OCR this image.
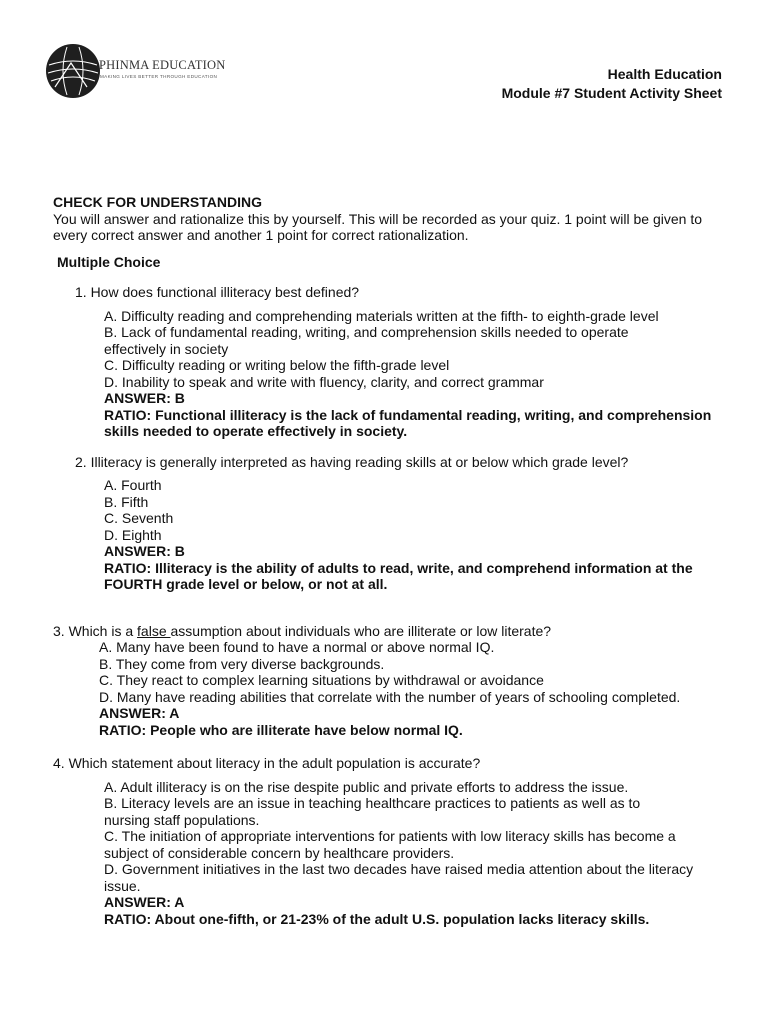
PHINMA EDUCATION
MAKING LIVES BETTER THROUGH EDUCATION	Health Education
Module #7 Student Activity Sheet
CHECK FOR UNDERSTANDING

You will answer and rationalize this by yourself. This will be recorded as your quiz. 1 point will be given to every correct answer and another 1 point for correct rationalization.

Multiple Choice

1. How does functional illiteracy best defined?

A. Difficulty reading and comprehending materials written at the fifth- to eighth-grade level

B. Lack of fundamental reading, writing, and comprehension skills needed to operate effectively in society

C. Difficulty reading or writing below the fifth-grade level

D. Inability to speak and write with fluency, clarity, and correct grammar

ANSWER: B

RATIO: Functional illiteracy is the lack of fundamental reading, writing, and comprehension skills needed to operate effectively in society.

2. Illiteracy is generally interpreted as having reading skills at or below which grade level?

A. Fourth

B. Fifth

C. Seventh

D. Eighth

ANSWER: B

RATIO: Illiteracy is the ability of adults to read, write, and comprehend information at the FOURTH grade level or below, or not at all.

3. Which is a false assumption about individuals who are illiterate or low literate?

A. Many have been found to have a normal or above normal IQ.

B. They come from very diverse backgrounds.

C. They react to complex learning situations by withdrawal or avoidance

D. Many have reading abilities that correlate with the number of years of schooling completed.

ANSWER: A

RATIO: People who are illiterate have below normal IQ.

4. Which statement about literacy in the adult population is accurate?

A. Adult illiteracy is on the rise despite public and private efforts to address the issue.

B. Literacy levels are an issue in teaching healthcare practices to patients as well as to nursing staff populations.

C. The initiation of appropriate interventions for patients with low literacy skills has become a subject of considerable concern by healthcare providers.

D. Government initiatives in the last two decades have raised media attention about the literacy issue.

ANSWER: A

RATIO: About one-fifth, or 21-23% of the adult U.S. population lacks literacy skills.
